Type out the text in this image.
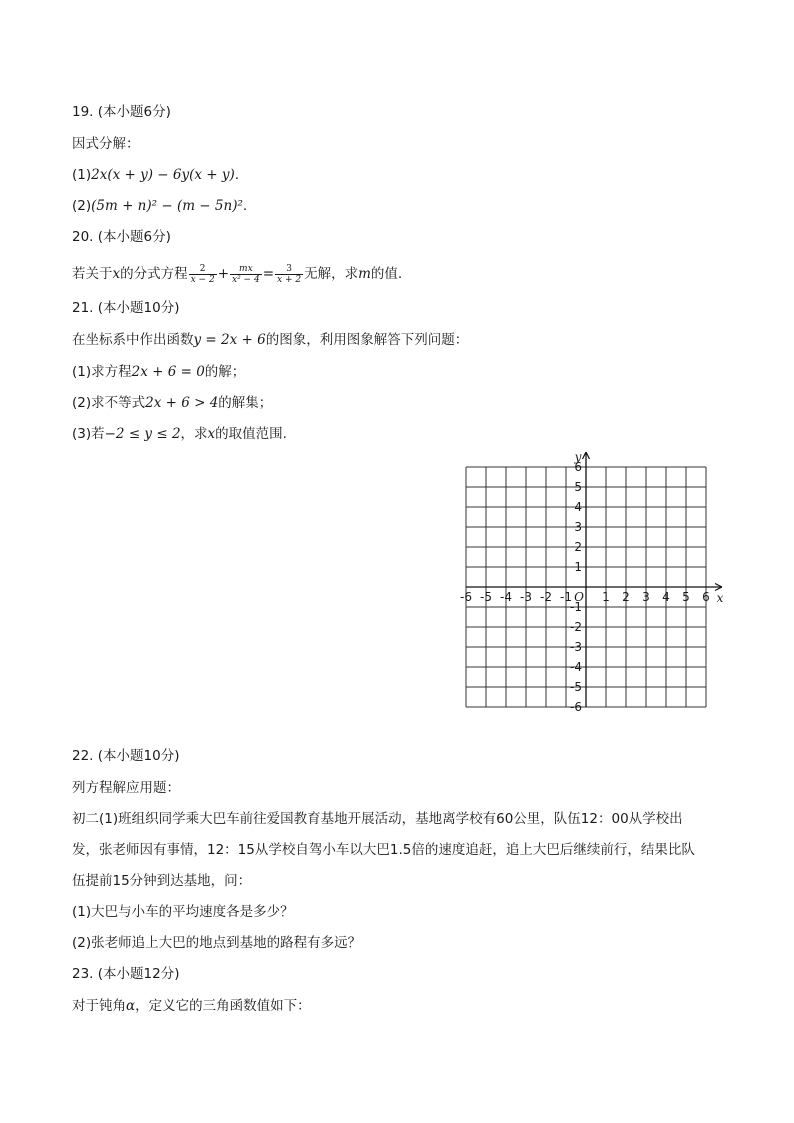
19. (本小题6分)
因式分解：
(1)2x(x + y) − 6y(x + y).
(2)(5m + n)² − (m − 5n)².
20. (本小题6分)
若关于x的分式方程 $\frac{2}{x - 2} + \frac{mx}{\text{x² − 4}} = \frac{3}{x + 2}$ 无解，求m的值.
21. (本小题10分)
在坐标系中作出函数y = 2x + 6的图象，利用图象解答下列问题：
(1)求方程2x + 6 = 0的解；
(2)求不等式2x + 6 > 4的解集；
(3)若−2 ≤ y ≤ 2，求x的取值范围.
-6 -5 -4 -3 -2 -1	1 2 3 4 5 6
6
5
4
3
2
1
-1
-2
-3
-4
-5
-6
O	x
y
22. (本小题10分)
列方程解应用题：
初二(1)班组织同学乘大巴车前往爱国教育基地开展活动，基地离学校有60公里，队伍12：00从学校出
发，张老师因有事情，12：15从学校自驾小车以大巴1.5倍的速度追赶，追上大巴后继续前行，结果比队
伍提前15分钟到达基地，问：
(1)大巴与小车的平均速度各是多少？
(2)张老师追上大巴的地点到基地的路程有多远？
23. (本小题12分)
对于钝角α，定义它的三角函数值如下：
